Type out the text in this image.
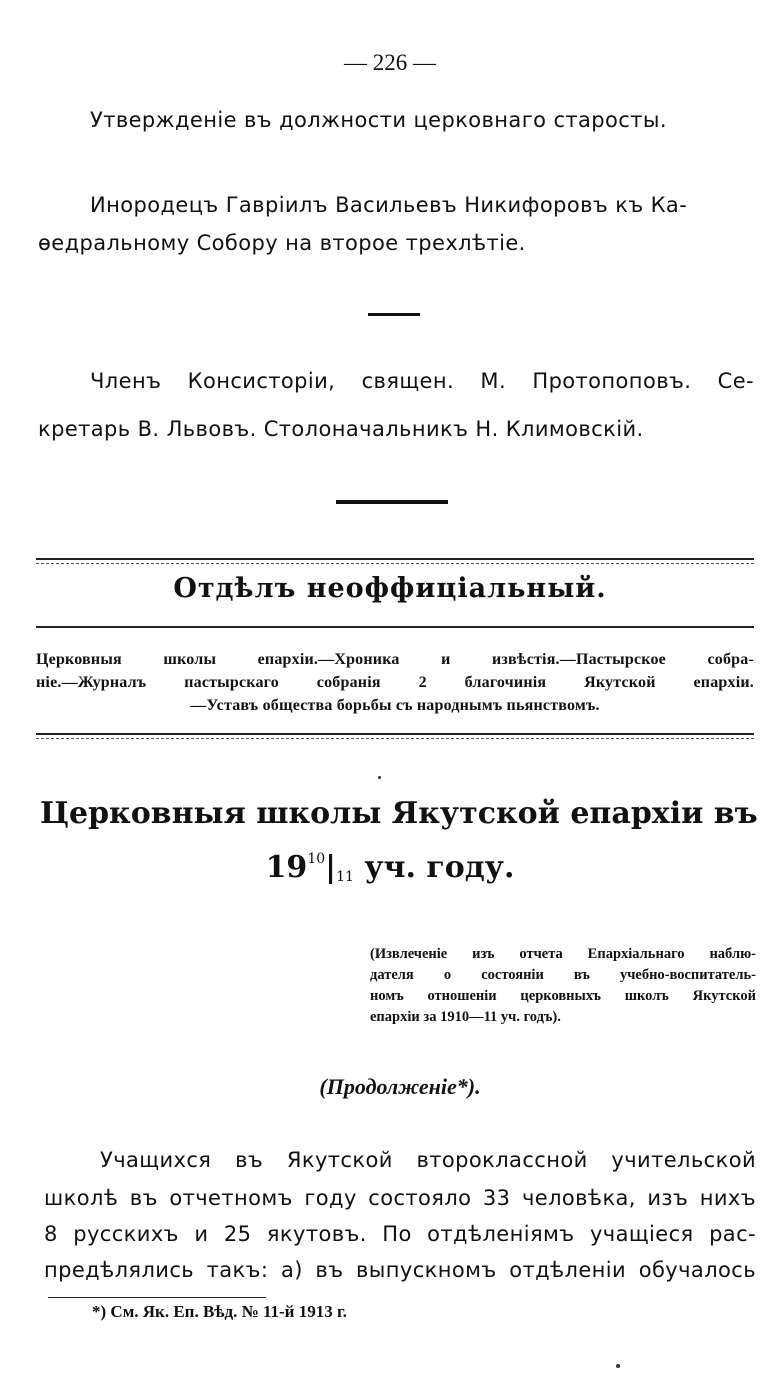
— 226 —
Утвержденіе въ должности церковнаго старосты.
Инородецъ Гавріилъ Васильевъ Никифоровъ къ Ка-
ѳедральному Собору на второе трехлѣтіе.
Членъ Консисторіи, священ. М. Протопоповъ. Се-
кретарь В. Львовъ. Столоначальникъ Н. Климовскій.
Отдѣлъ неоффиціальный.
Церковныя школы епархіи.—Хроника и извѣстія.—Пастырское собра-
ніе.—Журналъ пастырскаго собранія 2 благочинія Якутской епархіи.
—Уставъ общества борьбы съ народнымъ пьянствомъ.
Церковныя школы Якутской епархіи въ
$19^{10}|_{11}$ уч. году.
(Извлеченіе изъ отчета Епархіальнаго наблю-
дателя о состояніи въ учебно-воспитатель-
номъ отношеніи церковныхъ школъ Якутской
епархіи за 1910—11 уч. годъ).
(Продолженіе*).
Учащихся въ Якутской второклассной учительской
школѣ въ отчетномъ году состояло 33 человѣка, изъ нихъ
8 русскихъ и 25 якутовъ. По отдѣленіямъ учащіеся рас-
предѣлялись такъ: а) въ выпускномъ отдѣленіи обучалось
*) См. Як. Еп. Вѣд. № 11-й 1913 г.
